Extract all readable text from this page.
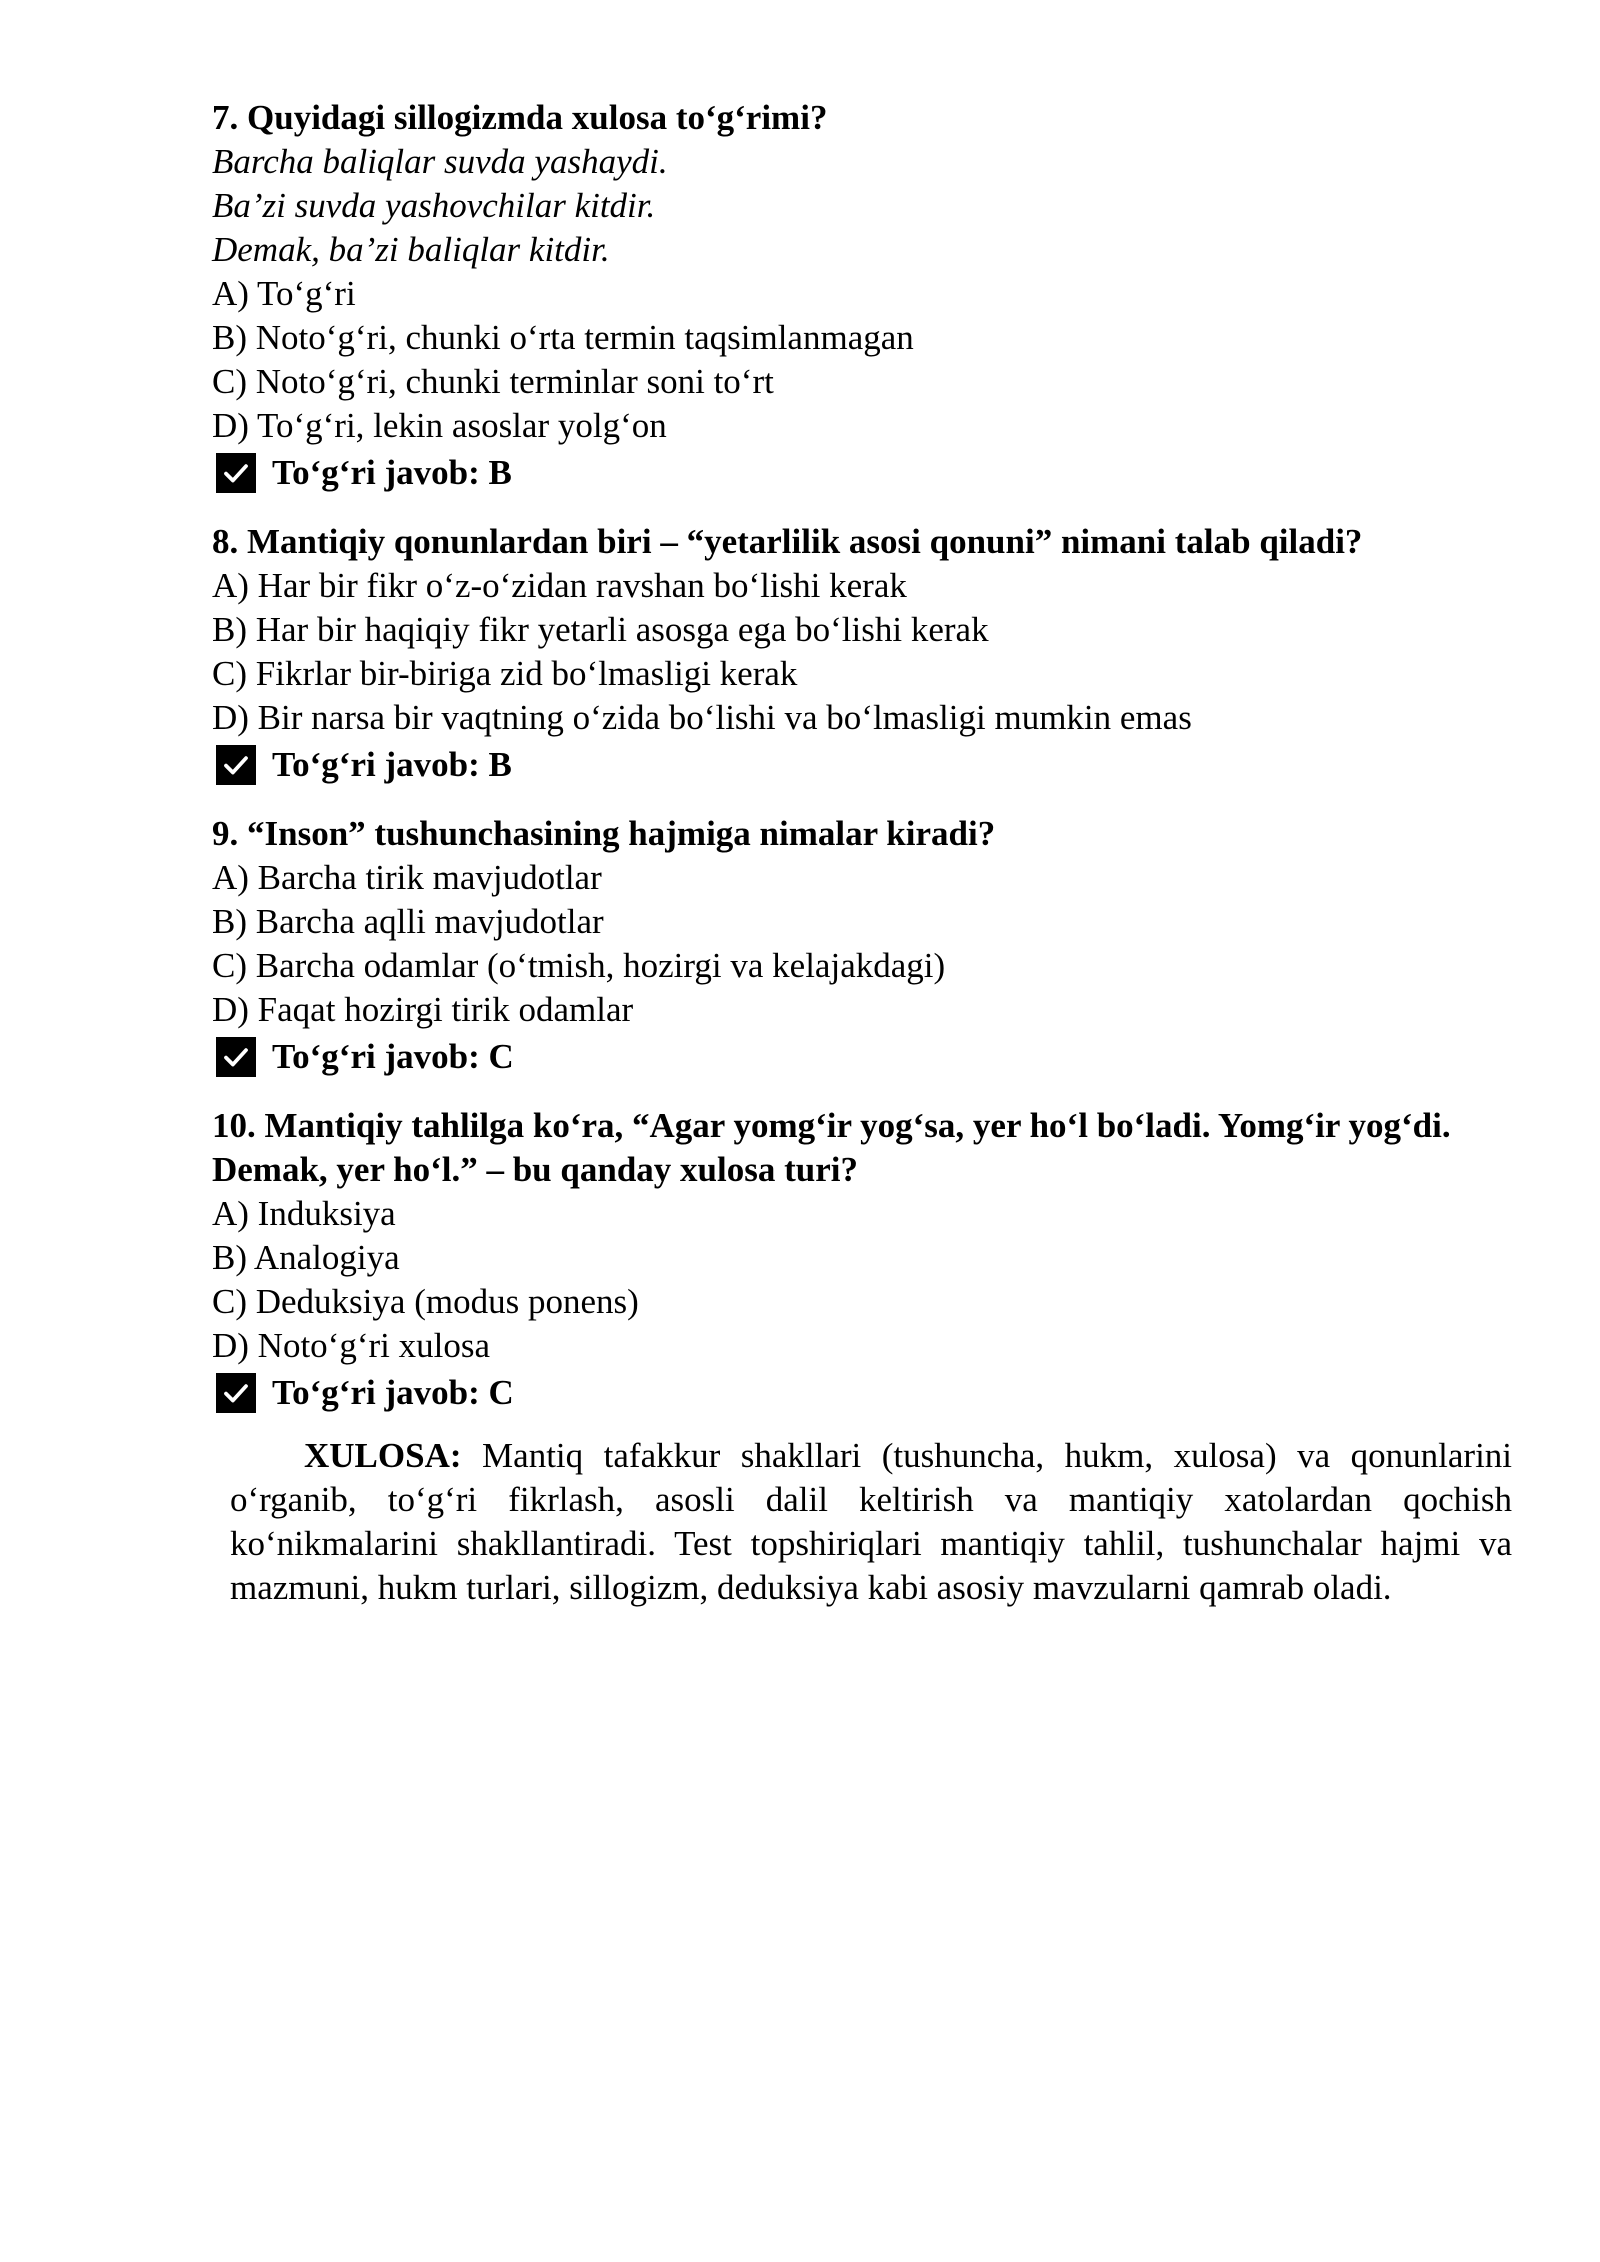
7. Quyidagi sillogizmda xulosa to‘g‘rimi?
Barcha baliqlar suvda yashaydi.
Ba’zi suvda yashovchilar kitdir.
Demak, ba’zi baliqlar kitdir.
A) To‘g‘ri
B) Noto‘g‘ri, chunki o‘rta termin taqsimlanmagan
C) Noto‘g‘ri, chunki terminlar soni to‘rt
D) To‘g‘ri, lekin asoslar yolg‘on
To‘g‘ri javob: B
8. Mantiqiy qonunlardan biri – “yetarlilik asosi qonuni” nimani talab qiladi?
A) Har bir fikr o‘z-o‘zidan ravshan bo‘lishi kerak
B) Har bir haqiqiy fikr yetarli asosga ega bo‘lishi kerak
C) Fikrlar bir-biriga zid bo‘lmasligi kerak
D) Bir narsa bir vaqtning o‘zida bo‘lishi va bo‘lmasligi mumkin emas
To‘g‘ri javob: B
9. “Inson” tushunchasining hajmiga nimalar kiradi?
A) Barcha tirik mavjudotlar
B) Barcha aqlli mavjudotlar
C) Barcha odamlar (o‘tmish, hozirgi va kelajakdagi)
D) Faqat hozirgi tirik odamlar
To‘g‘ri javob: C
10. Mantiqiy tahlilga ko‘ra, “Agar yomg‘ir yog‘sa, yer ho‘l bo‘ladi. Yomg‘ir yog‘di. Demak, yer ho‘l.” – bu qanday xulosa turi?
A) Induksiya
B) Analogiya
C) Deduksiya (modus ponens)
D) Noto‘g‘ri xulosa
To‘g‘ri javob: C

XULOSA: Mantiq tafakkur shakllari (tushuncha, hukm, xulosa) va qonunlarini o‘rganib, to‘g‘ri fikrlash, asosli dalil keltirish va mantiqiy xatolardan qochish ko‘nikmalarini shakllantiradi. Test topshiriqlari mantiqiy tahlil, tushunchalar hajmi va mazmuni, hukm turlari, sillogizm, deduksiya kabi asosiy mavzularni qamrab oladi.
